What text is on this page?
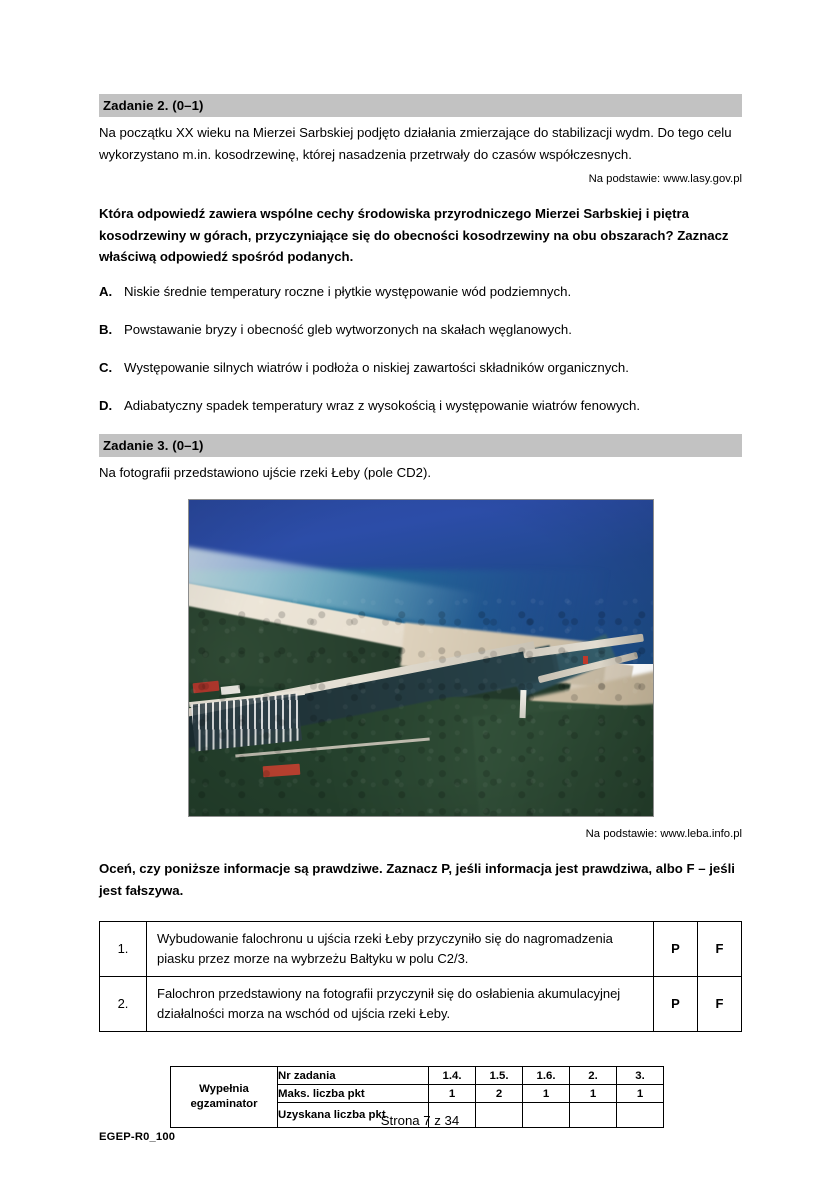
Zadanie 2. (0–1)
Na początku XX wieku na Mierzei Sarbskiej podjęto działania zmierzające do stabilizacji wydm. Do tego celu wykorzystano m.in. kosodrzewinę, której nasadzenia przetrwały do czasów współczesnych.
Na podstawie: www.lasy.gov.pl
Która odpowiedź zawiera wspólne cechy środowiska przyrodniczego Mierzei Sarbskiej i piętra kosodrzewiny w górach, przyczyniające się do obecności kosodrzewiny na obu obszarach? Zaznacz właściwą odpowiedź spośród podanych.
A. Niskie średnie temperatury roczne i płytkie występowanie wód podziemnych.
B. Powstawanie bryzy i obecność gleb wytworzonych na skałach węglanowych.
C. Występowanie silnych wiatrów i podłoża o niskiej zawartości składników organicznych.
D. Adiabatyczny spadek temperatury wraz z wysokością i występowanie wiatrów fenowych.
Zadanie 3. (0–1)
Na fotografii przedstawiono ujście rzeki Łeby (pole CD2).
Na podstawie: www.leba.info.pl
Oceń, czy poniższe informacje są prawdziwe. Zaznacz P, jeśli informacja jest prawdziwa, albo F – jeśli jest fałszywa.
1.	Wybudowanie falochronu u ujścia rzeki Łeby przyczyniło się do nagromadzenia piasku przez morze na wybrzeżu Bałtyku w polu C2/3.	P	F
2.	Falochron przedstawiony na fotografii przyczynił się do osłabienia akumulacyjnej działalności morza na wschód od ujścia rzeki Łeby.	P	F
Wypełnia
egzaminator	Nr zadania	1.4.	1.5.	1.6.	2.	3.
	Maks. liczba pkt	1	2	1	1	1
	Uzyskana liczba pkt					
Strona 7 z 34
EGEP-R0_100
